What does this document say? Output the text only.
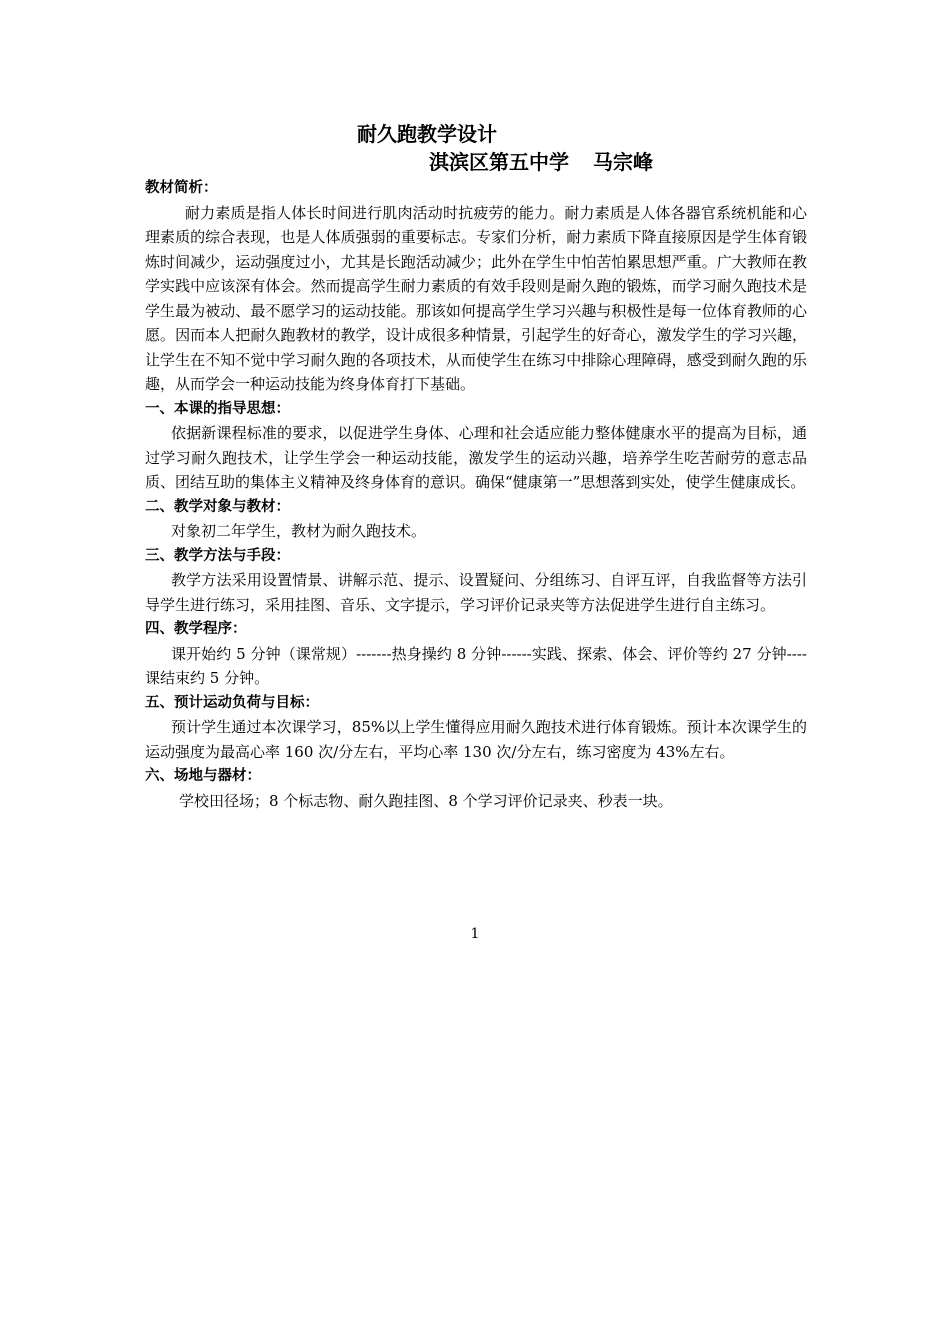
耐久跑教学设计
淇滨区第五中学 马宗峰
教材简析：
耐力素质是指人体长时间进行肌肉活动时抗疲劳的能力。耐力素质是人体各器官系统机能和心理素质的综合表现，也是人体质强弱的重要标志。专家们分析，耐力素质下降直接原因是学生体育锻炼时间减少，运动强度过小，尤其是长跑活动减少；此外在学生中怕苦怕累思想严重。广大教师在教学实践中应该深有体会。然而提高学生耐力素质的有效手段则是耐久跑的锻炼，而学习耐久跑技术是学生最为被动、最不愿学习的运动技能。那该如何提高学生学习兴趣与积极性是每一位体育教师的心愿。因而本人把耐久跑教材的教学，设计成很多种情景，引起学生的好奇心，激发学生的学习兴趣，让学生在不知不觉中学习耐久跑的各项技术，从而使学生在练习中排除心理障碍，感受到耐久跑的乐趣，从而学会一种运动技能为终身体育打下基础。
一、本课的指导思想：
依据新课程标准的要求，以促进学生身体、心理和社会适应能力整体健康水平的提高为目标，通过学习耐久跑技术，让学生学会一种运动技能，激发学生的运动兴趣，培养学生吃苦耐劳的意志品质、团结互助的集体主义精神及终身体育的意识。确保“健康第一”思想落到实处，使学生健康成长。
二、教学对象与教材：
对象初二年学生，教材为耐久跑技术。
三、教学方法与手段：
教学方法采用设置情景、讲解示范、提示、设置疑问、分组练习、自评互评，自我监督等方法引导学生进行练习，采用挂图、音乐、文字提示，学习评价记录夹等方法促进学生进行自主练习。
四、教学程序：
课开始约 5 分钟（课常规）-------热身操约 8 分钟------实践、探索、体会、评价等约 27 分钟----课结束约 5 分钟。
五、预计运动负荷与目标：
预计学生通过本次课学习，85%以上学生懂得应用耐久跑技术进行体育锻炼。预计本次课学生的运动强度为最高心率 160 次/分左右，平均心率 130 次/分左右，练习密度为 43%左右。
六、场地与器材：
学校田径场；8 个标志物、耐久跑挂图、8 个学习评价记录夹、秒表一块。
1
